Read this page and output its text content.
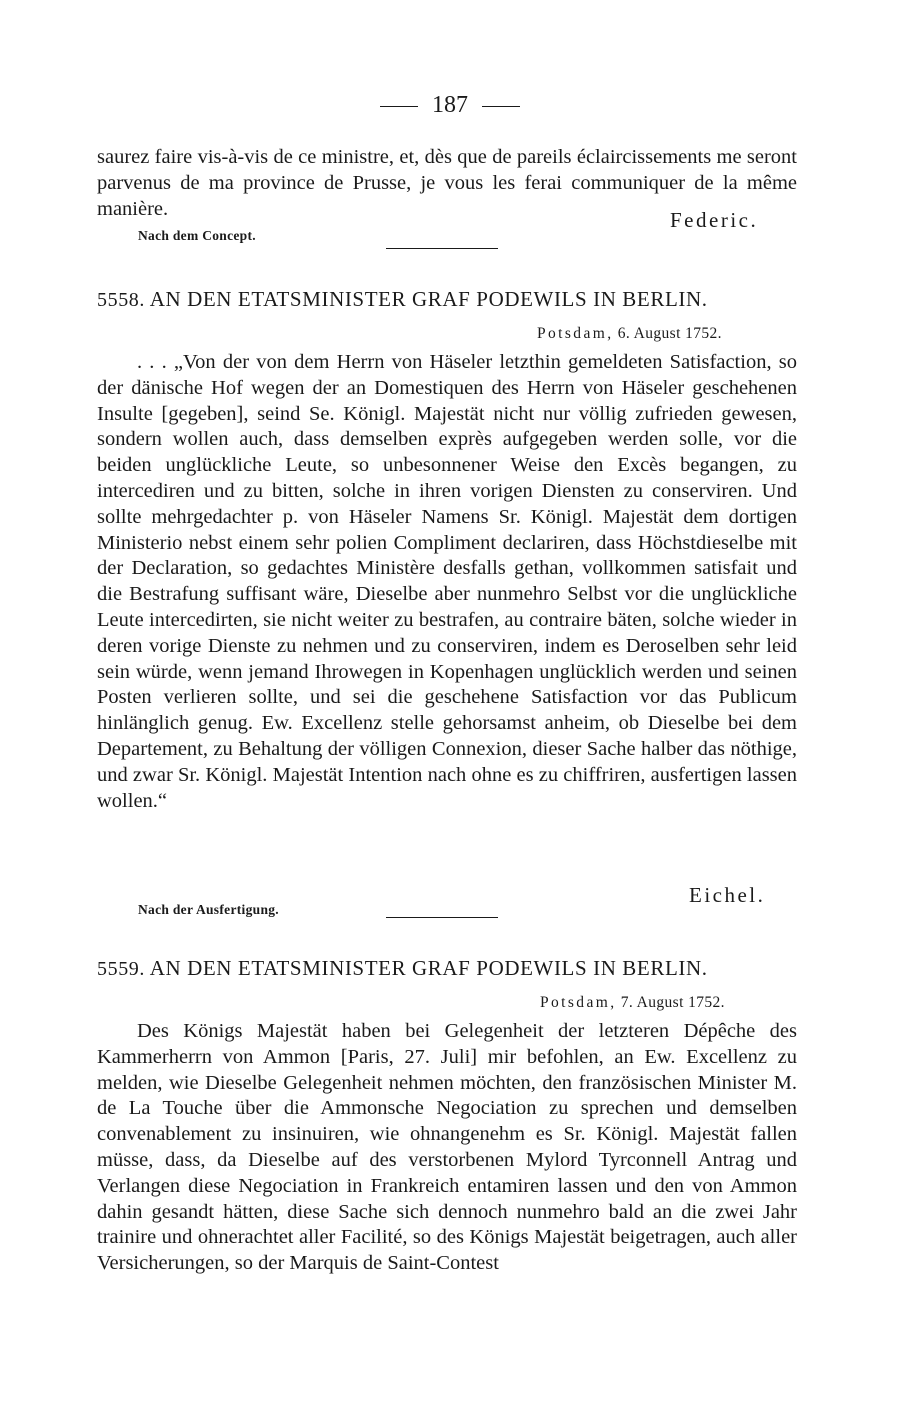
187

saurez faire vis-à-vis de ce ministre, et, dès que de pareils éclaircissements me seront parvenus de ma province de Prusse, je vous les ferai communiquer de la même manière.	Federic.
Nach dem Concept.
5558. AN DEN ETATSMINISTER GRAF PODEWILS IN BERLIN.
Potsdam, 6. August 1752.

. . . „Von der von dem Herrn von Häseler letzthin gemeldeten Satisfaction, so der dänische Hof wegen der an Domestiquen des Herrn von Häseler geschehenen Insulte [gegeben], seind Se. Königl. Majestät nicht nur völlig zufrieden gewesen, sondern wollen auch, dass demselben exprès aufgegeben werden solle, vor die beiden unglückliche Leute, so unbesonnener Weise den Excès begangen, zu intercediren und zu bitten, solche in ihren vorigen Diensten zu conserviren. Und sollte mehrgedachter p. von Häseler Namens Sr. Königl. Majestät dem dortigen Ministerio nebst einem sehr polien Compliment declariren, dass Höchstdieselbe mit der Declaration, so gedachtes Ministère desfalls gethan, vollkommen satisfait und die Bestrafung suffisant wäre, Dieselbe aber nunmehro Selbst vor die unglückliche Leute intercedirten, sie nicht weiter zu bestrafen, au contraire bäten, solche wieder in deren vorige Dienste zu nehmen und zu conserviren, indem es Deroselben sehr leid sein würde, wenn jemand Ihrowegen in Kopenhagen unglücklich werden und seinen Posten verlieren sollte, und sei die geschehene Satisfaction vor das Publicum hinlänglich genug. Ew. Excellenz stelle gehorsamst anheim, ob Dieselbe bei dem Departement, zu Behaltung der völligen Connexion, dieser Sache halber das nöthige, und zwar Sr. Königl. Majestät Intention nach ohne es zu chiffriren, ausfertigen lassen wollen.“

Eichel.
Nach der Ausfertigung.
5559. AN DEN ETATSMINISTER GRAF PODEWILS IN BERLIN.
Potsdam, 7. August 1752.

Des Königs Majestät haben bei Gelegenheit der letzteren Dépêche des Kammerherrn von Ammon [Paris, 27. Juli] mir befohlen, an Ew. Excellenz zu melden, wie Dieselbe Gelegenheit nehmen möchten, den französischen Minister M. de La Touche über die Ammonsche Negociation zu sprechen und demselben convenablement zu insinuiren, wie ohnangenehm es Sr. Königl. Majestät fallen müsse, dass, da Dieselbe auf des verstorbenen Mylord Tyrconnell Antrag und Verlangen diese Negociation in Frankreich entamiren lassen und den von Ammon dahin gesandt hätten, diese Sache sich dennoch nunmehro bald an die zwei Jahr trainire und ohnerachtet aller Facilité, so des Königs Majestät beigetragen, auch aller Versicherungen, so der Marquis de Saint-Contest
